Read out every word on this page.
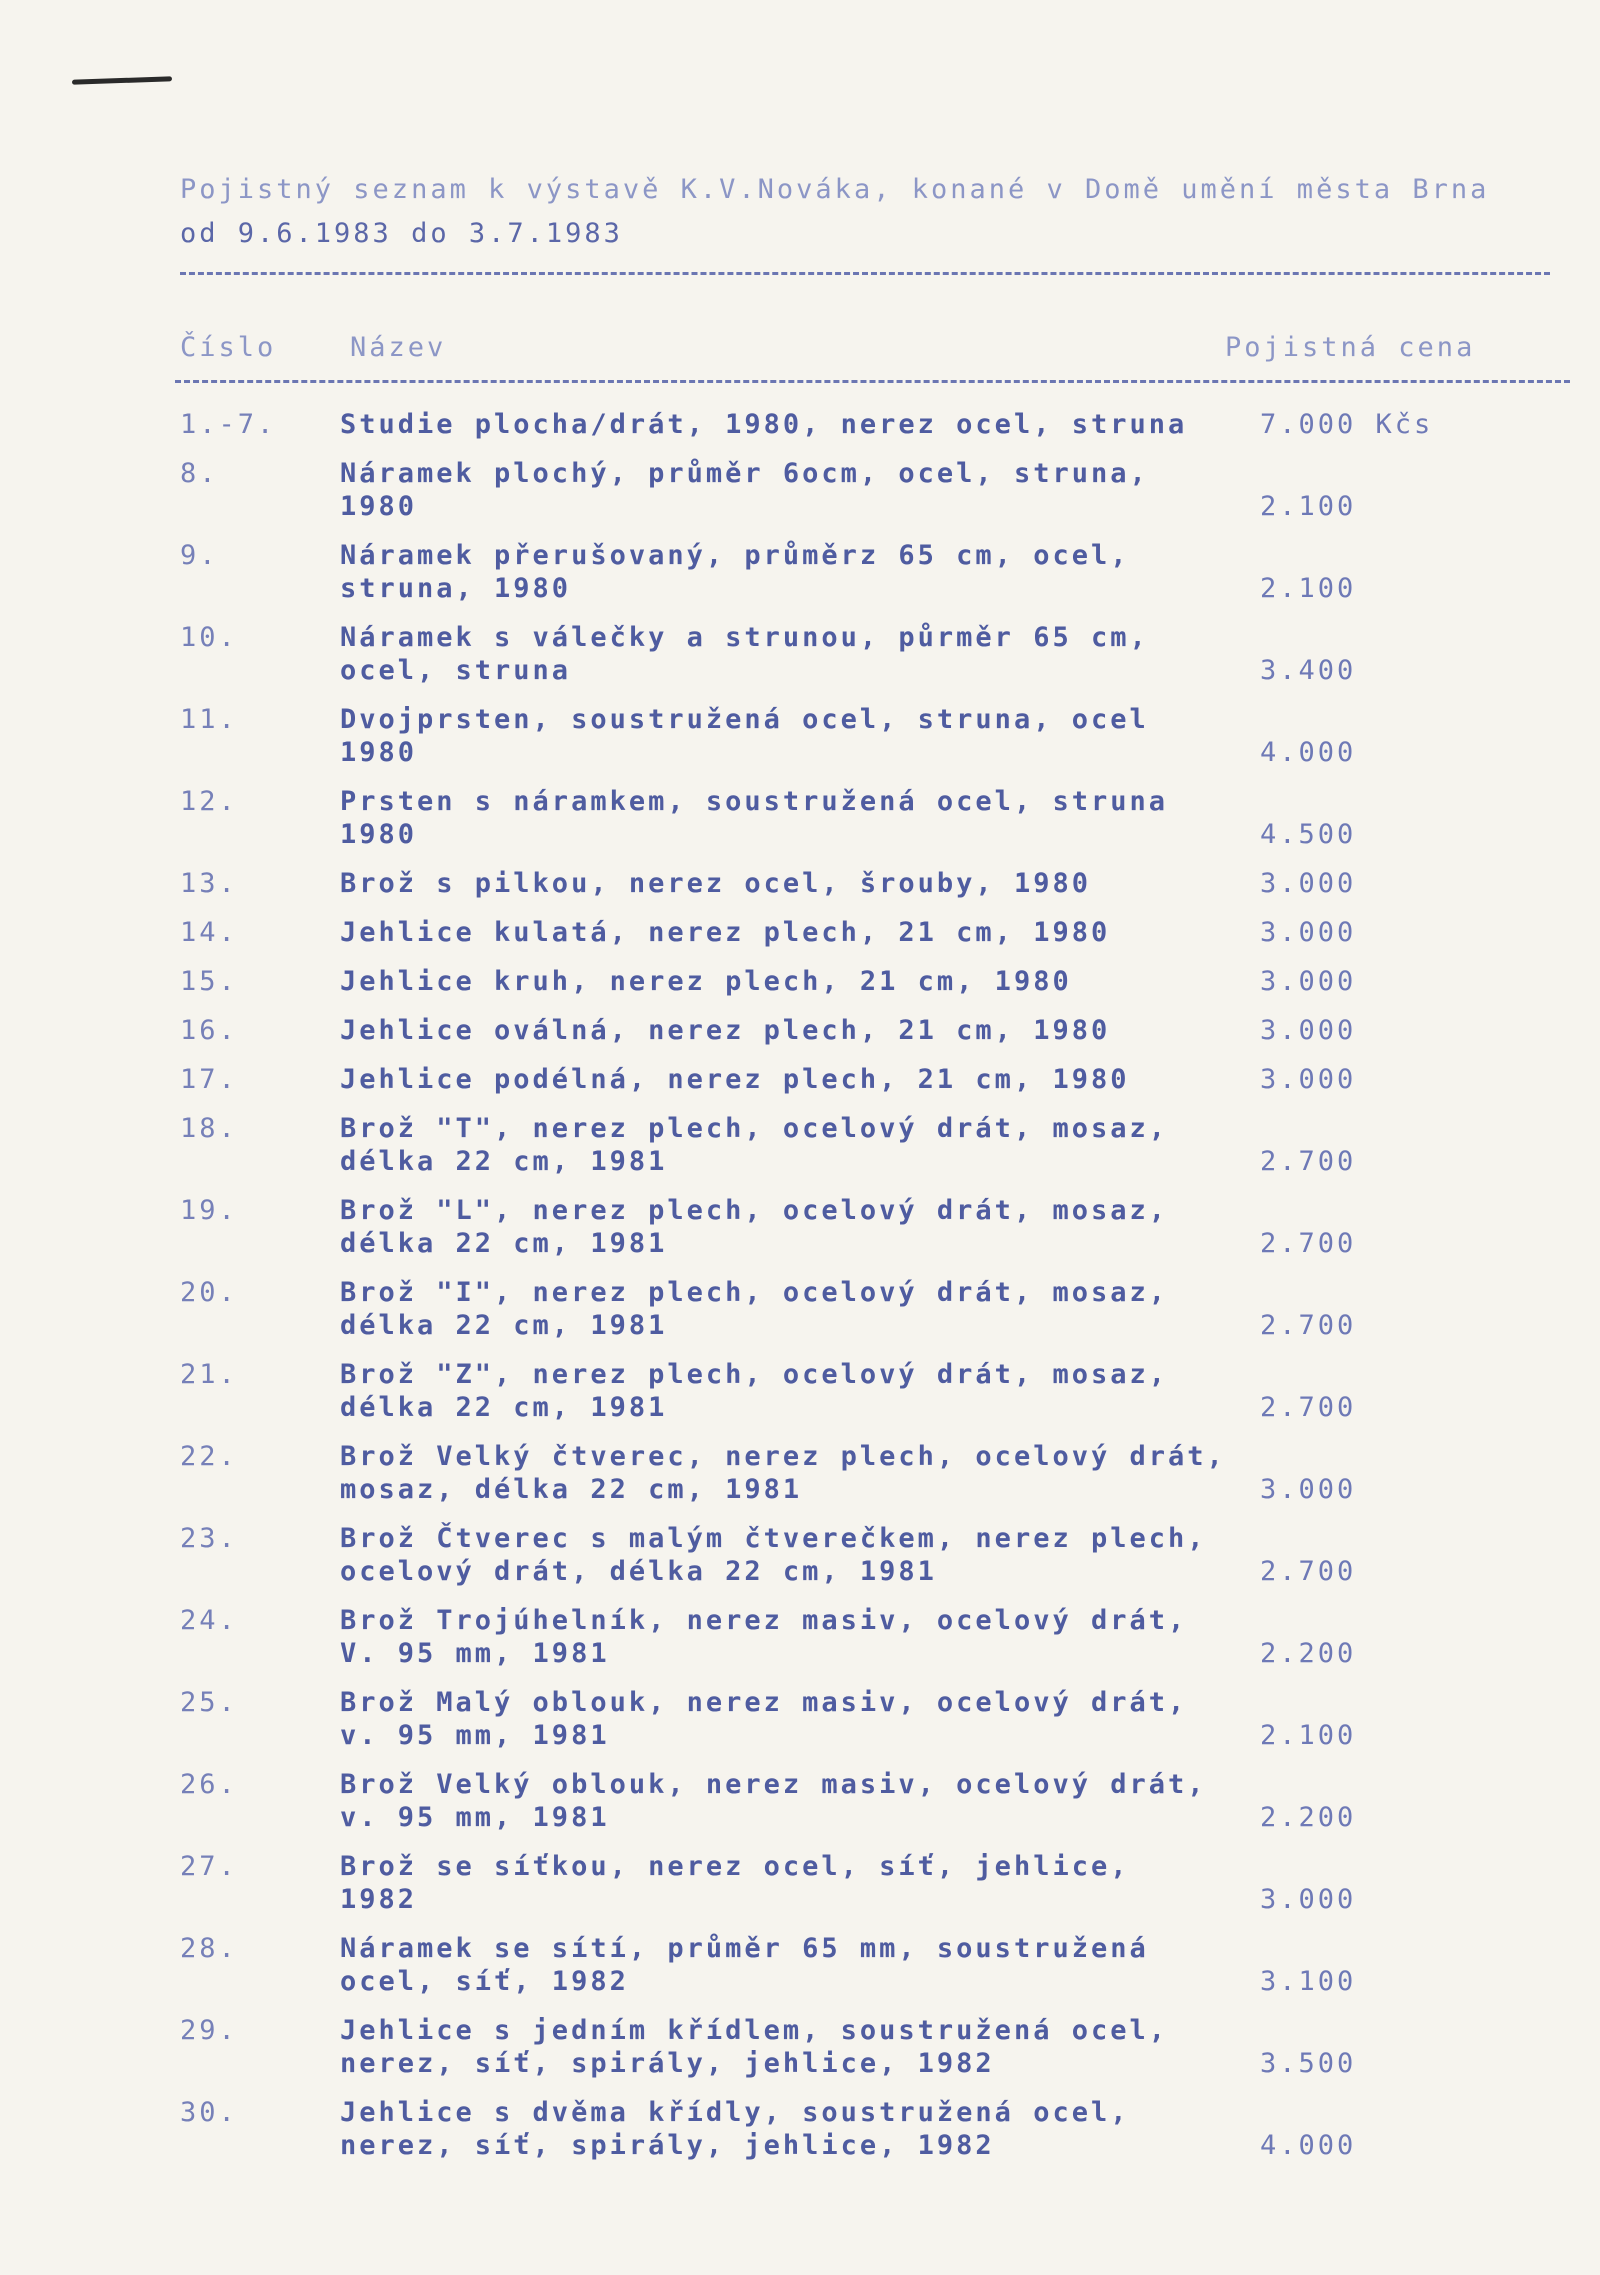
Pojistný seznam k výstavě K.V.Nováka, konané v Domě umění města Brna
od 9.6.1983 do 3.7.1983
Číslo	Název	Pojistná cena
1.-7.	Studie plocha/drát, 1980, nerez ocel, struna	7.000 Kčs
8.	Náramek plochý, průměr 6ocm, ocel, struna,
1980	2.100
9.	Náramek přerušovaný, průměrz 65 cm, ocel,
struna, 1980	2.100
10.	Náramek s válečky a strunou, půrměr 65 cm,
ocel, struna	3.400
11.	Dvojprsten, soustružená ocel, struna, ocel
1980	4.000
12.	Prsten s náramkem, soustružená ocel, struna
1980	4.500
13.	Brož s pilkou, nerez ocel, šrouby, 1980	3.000
14.	Jehlice kulatá, nerez plech, 21 cm, 1980	3.000
15.	Jehlice kruh, nerez plech, 21 cm, 1980	3.000
16.	Jehlice oválná, nerez plech, 21 cm, 1980	3.000
17.	Jehlice podélná, nerez plech, 21 cm, 1980	3.000
18.	Brož "T", nerez plech, ocelový drát, mosaz,
délka 22 cm, 1981	2.700
19.	Brož "L", nerez plech, ocelový drát, mosaz,
délka 22 cm, 1981	2.700
20.	Brož "I", nerez plech, ocelový drát, mosaz,
délka 22 cm, 1981	2.700
21.	Brož "Z", nerez plech, ocelový drát, mosaz,
délka 22 cm, 1981	2.700
22.	Brož Velký čtverec, nerez plech, ocelový drát,
mosaz, délka 22 cm, 1981	3.000
23.	Brož Čtverec s malým čtverečkem, nerez plech,
ocelový drát, délka 22 cm, 1981	2.700
24.	Brož Trojúhelník, nerez masiv, ocelový drát,
V. 95 mm, 1981	2.200
25.	Brož Malý oblouk, nerez masiv, ocelový drát,
v. 95 mm, 1981	2.100
26.	Brož Velký oblouk, nerez masiv, ocelový drát,
v. 95 mm, 1981	2.200
27.	Brož se síťkou, nerez ocel, síť, jehlice,
1982	3.000
28.	Náramek se sítí, průměr 65 mm, soustružená
ocel, síť, 1982	3.100
29.	Jehlice s jedním křídlem, soustružená ocel,
nerez, síť, spirály, jehlice, 1982	3.500
30.	Jehlice s dvěma křídly, soustružená ocel,
nerez, síť, spirály, jehlice, 1982	4.000
